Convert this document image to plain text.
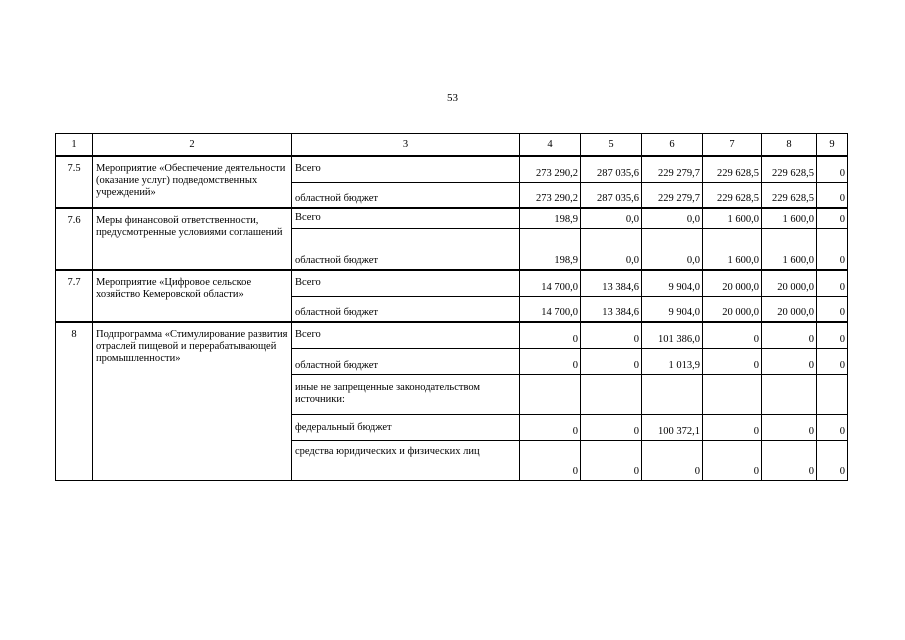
53
1	2	3	4	5	6	7	8	9
7.5	Мероприятие «Обеспечение деятельности (оказание услуг) подведомственных учреждений»	Всего	273 290,2	287 035,6	229 279,7	229 628,5	229 628,5	0
		областной бюджет	273 290,2	287 035,6	229 279,7	229 628,5	229 628,5	0
7.6	Меры финансовой ответственности, предусмотренные условиями соглашений	Всего	198,9	0,0	0,0	1 600,0	1 600,0	0
		областной бюджет	198,9	0,0	0,0	1 600,0	1 600,0	0
7.7	Мероприятие «Цифровое сельское хозяйство Кемеровской области»	Всего	14 700,0	13 384,6	9 904,0	20 000,0	20 000,0	0
		областной бюджет	14 700,0	13 384,6	9 904,0	20 000,0	20 000,0	0
8	Подпрограмма «Стимулирование развития отраслей пищевой и перерабатывающей промышленности»	Всего	0	0	101 386,0	0	0	0
		областной бюджет	0	0	1 013,9	0	0	0
		иные не запрещенные законодательством источники:						
		федеральный бюджет	0	0	100 372,1	0	0	0
		средства юридических и физических лиц	0	0	0	0	0	0
